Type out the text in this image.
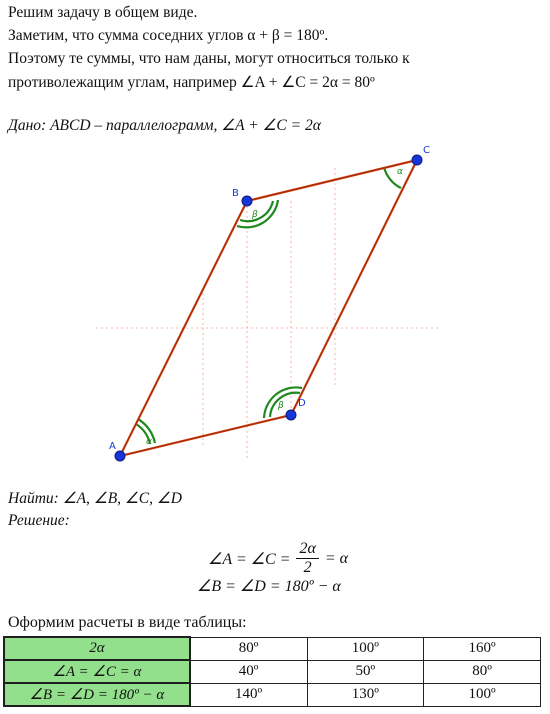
Решим задачу в общем виде.
Заметим, что сумма соседних углов α + β = 180º.
Поэтому те суммы, что нам даны, могут относиться только к
противолежащим углам, например ∠A + ∠C = 2α = 80º
Дано: ABCD – параллелограмм, ∠A + ∠C = 2α
α
β
α
β
A
B
C
D
Найти: ∠A, ∠B, ∠C, ∠D
Решение:
∠A = ∠C = $\frac{2\alpha}{2} = \alpha$
∠B = ∠D = 180º − α
Оформим расчеты в виде таблицы:
2α	80º	100º	160º
∠A = ∠C = α	40º	50º	80º
∠B = ∠D = 180º − α	140º	130º	100º
